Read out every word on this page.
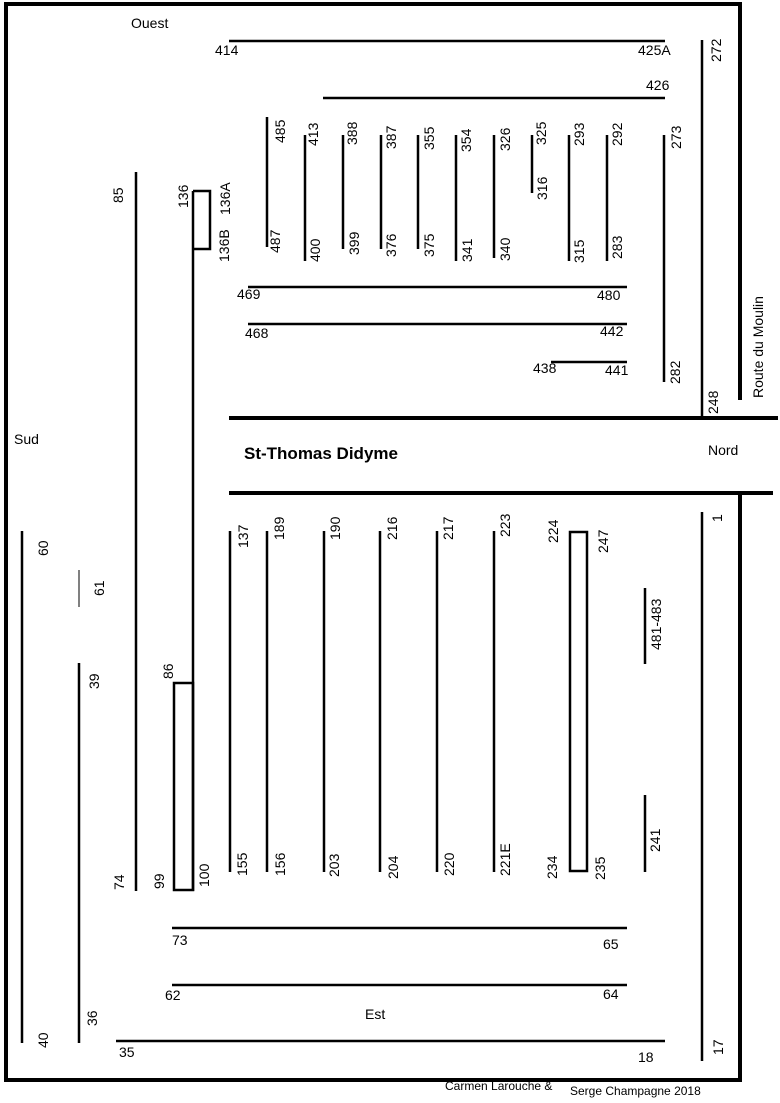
St-Thomas Didyme
Ouest
Sud
Nord
Est
Route du Moulin
Carmen Larouche & Serge Champagne 2018
414	425A
426
469	480
468	442
438	441
272
485 413 388 387 355 354 326 325 293 292	273
316
85	136 136A
136B	487 400 399 376 375 341 340	315 283
282
248
73	65
62	64
35	18
60
61
39
86
137 189	190	216	217	223 224 247
1
481-483
241
74 99 100 155 156	203	204	220	221E 234 235
40
36
17
